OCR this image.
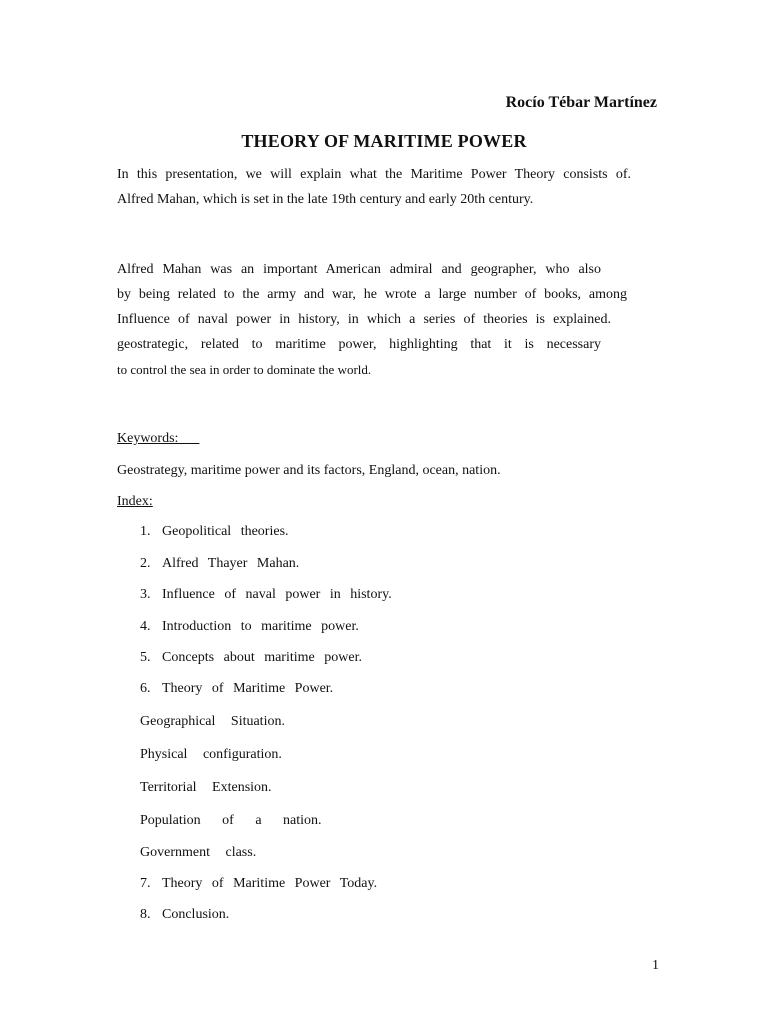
Rocío Tébar Martínez
THEORY OF MARITIME POWER
In this presentation, we will explain what the Maritime Power Theory consists of.
Alfred Mahan, which is set in the late 19th century and early 20th century.
Alfred Mahan was an important American admiral and geographer, who also
by being related to the army and war, he wrote a large number of books, among
Influence of naval power in history, in which a series of theories is explained.
geostrategic, related to maritime power, highlighting that it is necessary
to control the sea in order to dominate the world.
Keywords:
Geostrategy, maritime power and its factors, England, ocean, nation.
Index:
1. Geopolitical theories.
2. Alfred Thayer Mahan.
3. Influence of naval power in history.
4. Introduction to maritime power.
5. Concepts about maritime power.
6. Theory of Maritime Power.
Geographical Situation.
Physical configuration.
Territorial Extension.
Population of a nation.
Government class.
7. Theory of Maritime Power Today.
8. Conclusion.
1
